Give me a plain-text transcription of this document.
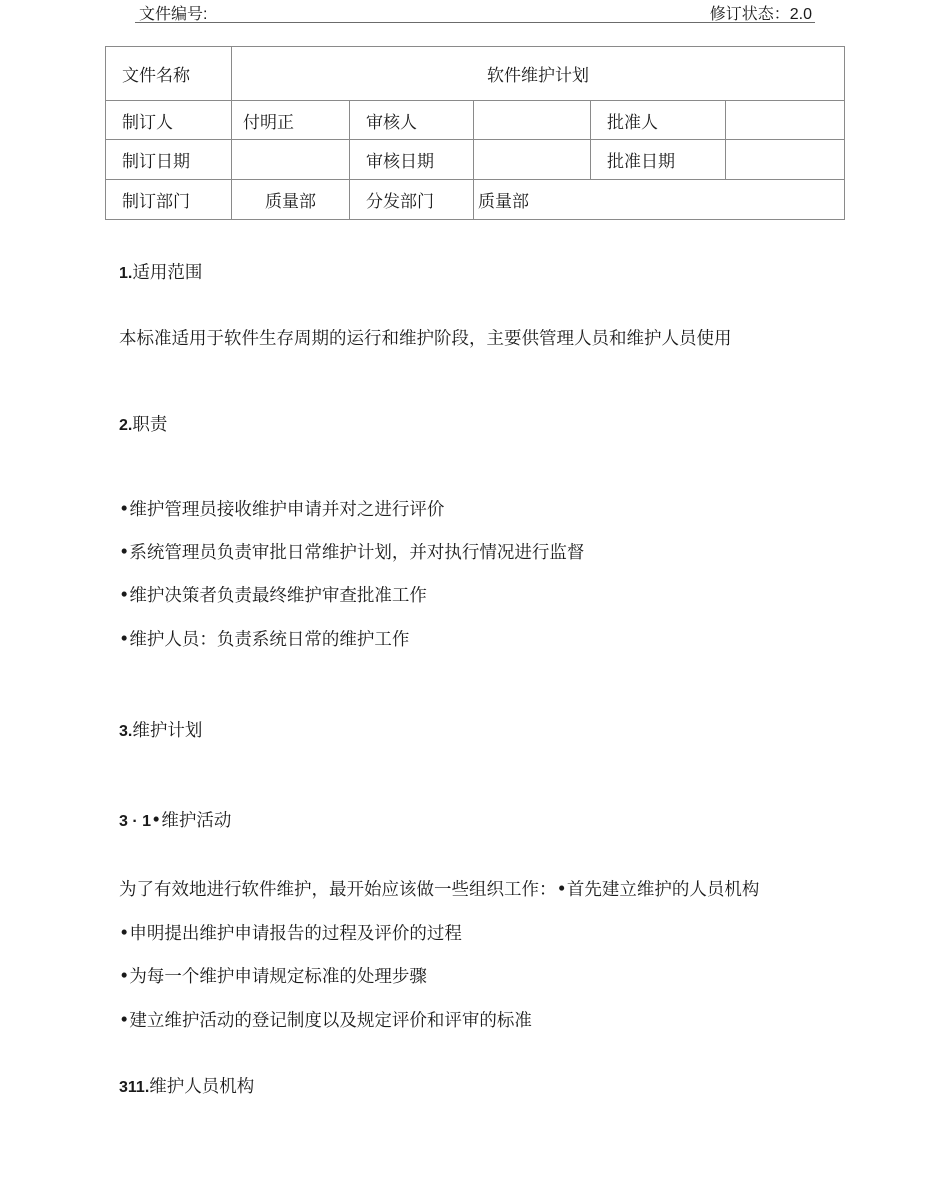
文件编号:	修订状态：2.0
文件名称	软件维护计划				
制订人	付明正	审核人		批准人	
制订日期		审核日期		批准日期	
制订部门	质量部	分发部门	质量部		
1.适用范围
本标准适用于软件生存周期的运行和维护阶段，主要供管理人员和维护人员使用
2.职责
•维护管理员接收维护申请并对之进行评价
•系统管理员负责审批日常维护计划，并对执行情况进行监督
•维护决策者负责最终维护审查批准工作
•维护人员：负责系统日常的维护工作
3.维护计划
3 · 1•维护活动
为了有效地进行软件维护，最开始应该做一些组织工作：•首先建立维护的人员机构
•申明提出维护申请报告的过程及评价的过程
•为每一个维护申请规定标准的处理步骤
•建立维护活动的登记制度以及规定评价和评审的标准
311.维护人员机构
